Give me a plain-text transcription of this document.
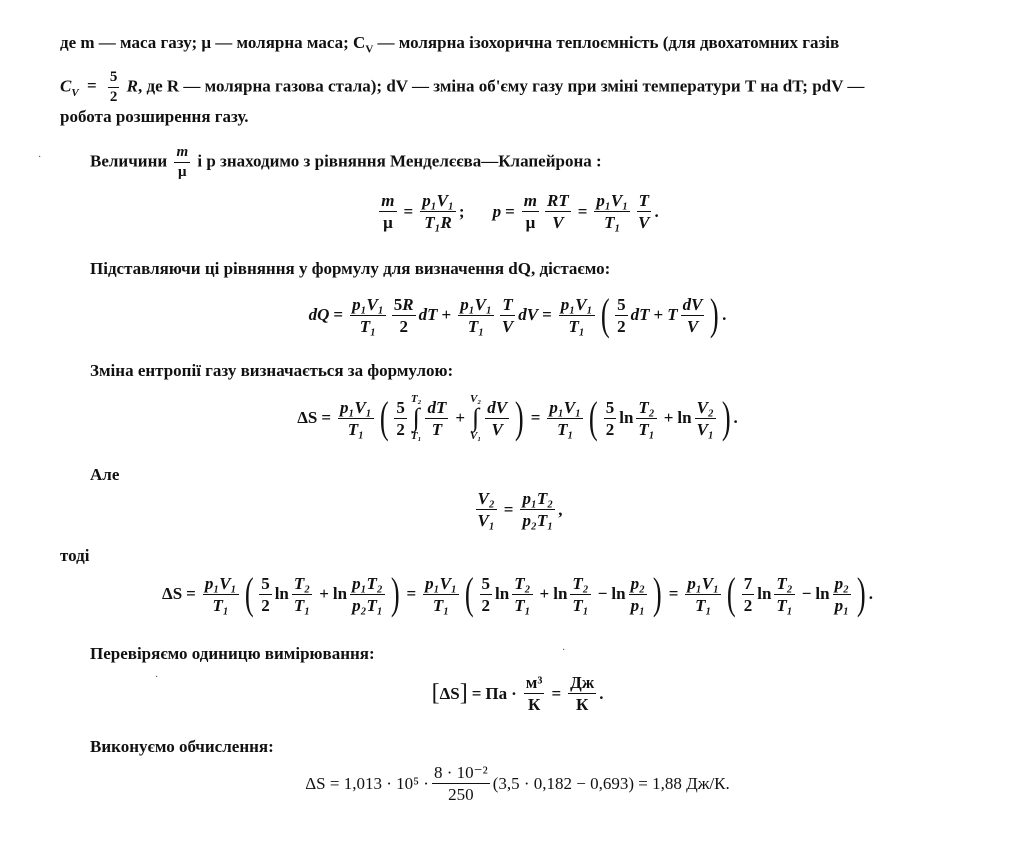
де m — маса газу; μ — молярна маса; $C_V$ — молярна ізохорична теплоємність (для двохатомних газів
$C_V = \frac{5}{2} R$, де R — молярна газова стала); dV — зміна об'єму газу при зміні температури T на dT; pdV —
робота розширення газу.
Величини $\frac{m}{\mu}$ і p знаходимо з рівняння Менделєєва—Клапейрона :
$\frac{m}{\mu} = \frac{\text{p₁V₁}}{\text{T₁R}}$ ; $p = \frac{m}{\mu} \frac{RT}{V} = \frac{\text{p₁V₁}}{\text{T₁}} \frac{T}{V}$ .
Підставляючи ці рівняння у формулу для визначення dQ, дістаємо:
dQ = $\frac{\text{p₁V₁}}{\text{T₁}} \frac{5R}{2}$ dT + $\frac{\text{p₁V₁}}{\text{T₁}} \frac{T}{V}$ dV = $\frac{\text{p₁V₁}}{\text{T₁}}$ ( $\frac{5}{2}$ dT + T $\frac{dV}{V}$ ) .
Зміна ентропії газу визначається за формулою:
$\Delta S = \frac{\text{p₁V₁}}{\text{T₁}}$ ( $\frac{5}{2} T_2$
∫
$T_1 \frac{dT}{T}$ +
V₂
∫
$V_1 \frac{dV}{V}$ ) = $\frac{\text{p₁V₁}}{\text{T₁}}$ ( $\frac{5}{2}$ $\ln \frac{\text{T₂}}{\text{T₁}} + \ln \frac{\text{V₂}}{\text{V₁}}$ ) .
Але
$\frac{\text{V₂}}{\text{V₁}} = \frac{\text{p₁T₂}}{\text{p₂T₁}}$ ,
тоді
$\Delta S = \frac{\text{p₁V₁}}{\text{T₁}}$ ( $\frac{5}{2}$ $\ln \frac{\text{T₂}}{\text{T₁}} + \ln \frac{\text{p₁T₂}}{\text{p₂T₁}}$ ) = $\frac{\text{p₁V₁}}{\text{T₁}}$ ( $\frac{5}{2}$ $\ln \frac{\text{T₂}}{\text{T₁}} + \ln \frac{\text{T₂}}{\text{T₁}} - \ln \frac{\text{p₂}}{\text{p₁}}$ ) = $\frac{\text{p₁V₁}}{\text{T₁}}$ ( $\frac{7}{2}$ $\ln \frac{\text{T₂}}{\text{T₁}} - \ln \frac{\text{p₂}}{\text{p₁}}$ ) .
Перевіряємо одиницю вимірювання:
[ ΔS ] = Па · $\frac{\text{м³}}{К} = \frac{Дж}{К}$ .
Виконуємо обчислення:
$\Delta S = 1,013 \cdot 10^5 \cdot \frac{\text{8 · 10⁻²}}{250} (3,5 \cdot 0,182 - 0,693) = 1,88$ Дж/К.
·
·
·
